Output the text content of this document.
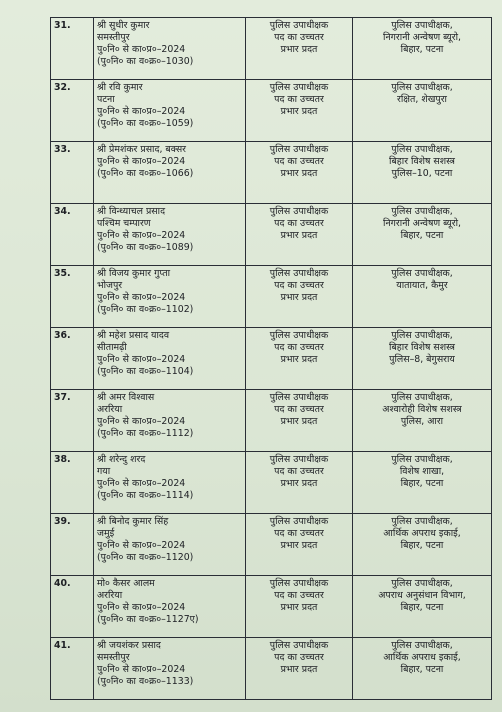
31.	श्री सुधीर कुमार
समस्तीपुर
पु०नि० से का०प्र०–2024
(पु०नि० का व०क्र०–1030)	पुलिस उपाधीक्षक
पद का उच्चतर
प्रभार प्रदत	पुलिस उपाधीक्षक,
निगरानी अन्वेषण ब्यूरो,
बिहार, पटना

32.	श्री रवि कुमार
पटना
पु०नि० से का०प्र०–2024
(पु०नि० का व०क्र०–1059)	पुलिस उपाधीक्षक
पद का उच्चतर
प्रभार प्रदत	पुलिस उपाधीक्षक,
रक्षित, शेखपुरा

33.	श्री प्रेमशंकर प्रसाद, बक्सर
पु०नि० से का०प्र०–2024
(पु०नि० का व०क्र०–1066)	पुलिस उपाधीक्षक
पद का उच्चतर
प्रभार प्रदत	पुलिस उपाधीक्षक,
बिहार विशेष सशस्त्र
पुलिस–10, पटना

34.	श्री विन्ध्याचल प्रसाद
पश्चिम चम्पारण
पु०नि० से का०प्र०–2024
(पु०नि० का व०क्र०–1089)	पुलिस उपाधीक्षक
पद का उच्चतर
प्रभार प्रदत	पुलिस उपाधीक्षक,
निगरानी अन्वेषण ब्यूरो,
बिहार, पटना

35.	श्री विजय कुमार गुप्ता
भोजपुर
पु०नि० से का०प्र०–2024
(पु०नि० का व०क्र०–1102)	पुलिस उपाधीक्षक
पद का उच्चतर
प्रभार प्रदत	पुलिस उपाधीक्षक,
यातायात, कैमुर

36.	श्री महेश प्रसाद यादव
सीतामढ़ी
पु०नि० से का०प्र०–2024
(पु०नि० का व०क्र०–1104)	पुलिस उपाधीक्षक
पद का उच्चतर
प्रभार प्रदत	पुलिस उपाधीक्षक,
बिहार विशेष सशस्त्र
पुलिस–8, बेगुसराय

37.	श्री अमर विश्वास
अररिया
पु०नि० से का०प्र०–2024
(पु०नि० का व०क्र०–1112)	पुलिस उपाधीक्षक
पद का उच्चतर
प्रभार प्रदत	पुलिस उपाधीक्षक,
अश्वारोही विशेष सशस्त्र
पुलिस, आरा

38.	श्री शरेन्दु शरद
गया
पु०नि० से का०प्र०–2024
(पु०नि० का व०क्र०–1114)	पुलिस उपाधीक्षक
पद का उच्चतर
प्रभार प्रदत	पुलिस उपाधीक्षक,
विशेष शाखा,
बिहार, पटना

39.	श्री बिनोद कुमार सिंह
जमुई
पु०नि० से का०प्र०–2024
(पु०नि० का व०क्र०–1120)	पुलिस उपाधीक्षक
पद का उच्चतर
प्रभार प्रदत	पुलिस उपाधीक्षक,
आर्थिक अपराध इकाई,
बिहार, पटना

40.	मो० कैसर आलम
अररिया
पु०नि० से का०प्र०–2024
(पु०नि० का व०क्र०–1127ए)	पुलिस उपाधीक्षक
पद का उच्चतर
प्रभार प्रदत	पुलिस उपाधीक्षक,
अपराध अनुसंधान विभाग,
बिहार, पटना

41.	श्री जयशंकर प्रसाद
समस्तीपुर
पु०नि० से का०प्र०–2024
(पु०नि० का व०क्र०–1133)	पुलिस उपाधीक्षक
पद का उच्चतर
प्रभार प्रदत	पुलिस उपाधीक्षक,
आर्थिक अपराध इकाई,
बिहार, पटना
